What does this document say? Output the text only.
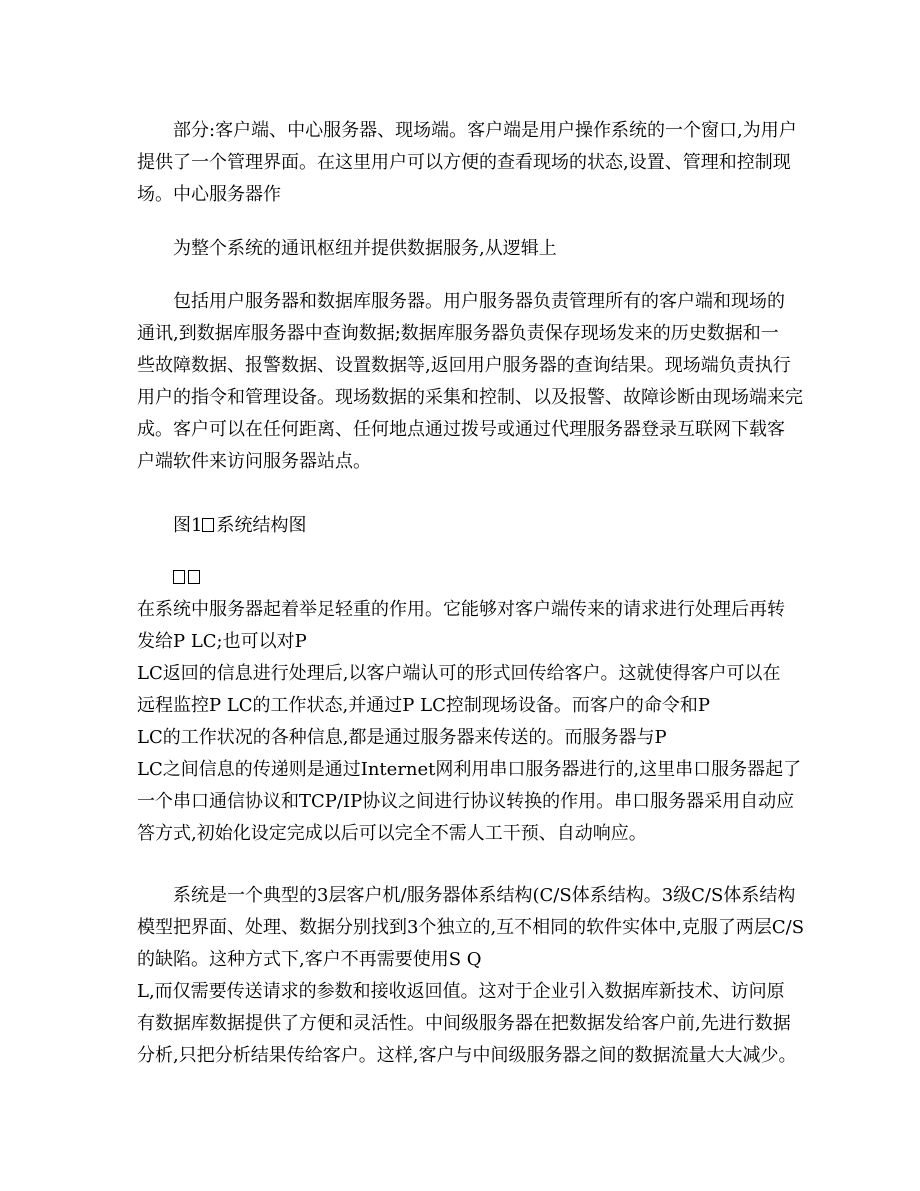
部分:客户端、中心服务器、现场端。客户端是用户操作系统的一个窗口,为用户
提供了一个管理界面。在这里用户可以方便的查看现场的状态,设置、管理和控制现
场。中心服务器作
为整个系统的通讯枢纽并提供数据服务,从逻辑上
包括用户服务器和数据库服务器。用户服务器负责管理所有的客户端和现场的
通讯,到数据库服务器中查询数据;数据库服务器负责保存现场发来的历史数据和一
些故障数据、报警数据、设置数据等,返回用户服务器的查询结果。现场端负责执行
用户的指令和管理设备。现场数据的采集和控制、以及报警、故障诊断由现场端来完
成。客户可以在任何距离、任何地点通过拨号或通过代理服务器登录互联网下载客
户端软件来访问服务器站点。
图1 系统结构图
在系统中服务器起着举足轻重的作用。它能够对客户端传来的请求进行处理后再转
发给P LC;也可以对P
LC返回的信息进行处理后,以客户端认可的形式回传给客户。这就使得客户可以在
远程监控P LC的工作状态,并通过P LC控制现场设备。而客户的命令和P
LC的工作状况的各种信息,都是通过服务器来传送的。而服务器与P
LC之间信息的传递则是通过Internet网利用串口服务器进行的,这里串口服务器起了
一个串口通信协议和TCP/IP协议之间进行协议转换的作用。串口服务器采用自动应
答方式,初始化设定完成以后可以完全不需人工干预、自动响应。
系统是一个典型的3层客户机/服务器体系结构(C/S体系结构。3级C/S体系结构
模型把界面、处理、数据分别找到3个独立的,互不相同的软件实体中,克服了两层C/S
的缺陷。这种方式下,客户不再需要使用S Q
L,而仅需要传送请求的参数和接收返回值。这对于企业引入数据库新技术、访问原
有数据库数据提供了方便和灵活性。中间级服务器在把数据发给客户前,先进行数据
分析,只把分析结果传给客户。这样,客户与中间级服务器之间的数据流量大大减少。
